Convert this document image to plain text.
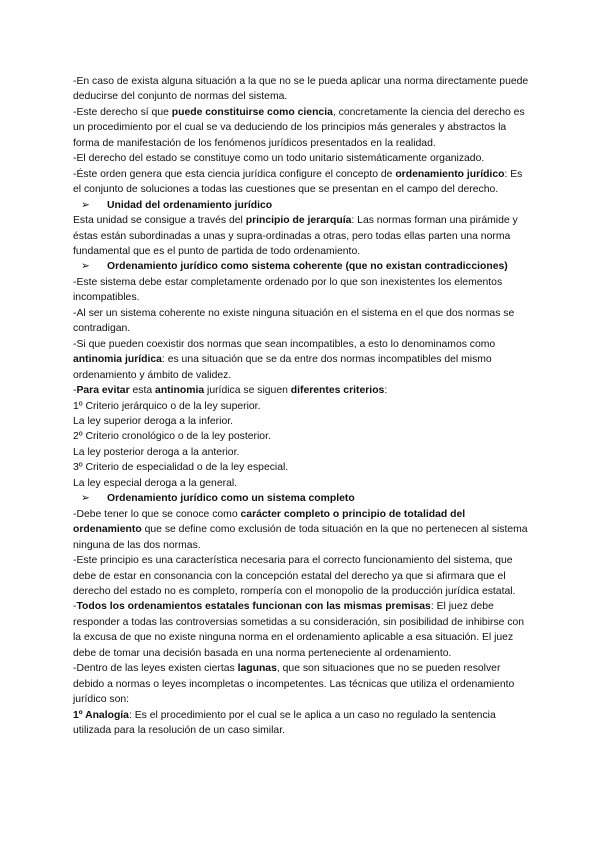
-En caso de exista alguna situación a la que no se le pueda aplicar una norma directamente puede deducirse del conjunto de normas del sistema.

-Este derecho sí que puede constituirse como ciencia, concretamente la ciencia del derecho es un procedimiento por el cual se va deduciendo de los principios más generales y abstractos la forma de manifestación de los fenómenos jurídicos presentados en la realidad.

-El derecho del estado se constituye como un todo unitario sistemáticamente organizado.

-Éste orden genera que esta ciencia jurídica configure el concepto de ordenamiento jurídico: Es el conjunto de soluciones a todas las cuestiones que se presentan en el campo del derecho.

➢ Unidad del ordenamiento jurídico

Esta unidad se consigue a través del principio de jerarquía: Las normas forman una pirámide y éstas están subordinadas a unas y supra-ordinadas a otras, pero todas ellas parten una norma fundamental que es el punto de partida de todo ordenamiento.

➢ Ordenamiento jurídico como sistema coherente (que no existan contradicciones)

-Este sistema debe estar completamente ordenado por lo que son inexistentes los elementos incompatibles.

-Al ser un sistema coherente no existe ninguna situación en el sistema en el que dos normas se contradigan.

-Si que pueden coexistir dos normas que sean incompatibles, a esto lo denominamos como antinomia jurídica: es una situación que se da entre dos normas incompatibles del mismo ordenamiento y ámbito de validez.

-Para evitar esta antinomia jurídica se siguen diferentes criterios:

1º Criterio jerárquico o de la ley superior.

La ley superior deroga a la inferior.

2º Criterio cronológico o de la ley posterior.

La ley posterior deroga a la anterior.

3º Criterio de especialidad o de la ley especial.

La ley especial deroga a la general.

➢ Ordenamiento jurídico como un sistema completo

-Debe tener lo que se conoce como carácter completo o principio de totalidad del ordenamiento que se define como exclusión de toda situación en la que no pertenecen al sistema ninguna de las dos normas.

-Este principio es una característica necesaria para el correcto funcionamiento del sistema, que debe de estar en consonancia con la concepción estatal del derecho ya que si afirmara que el derecho del estado no es completo, rompería con el monopolio de la producción jurídica estatal.

-Todos los ordenamientos estatales funcionan con las mismas premisas: El juez debe responder a todas las controversias sometidas a su consideración, sin posibilidad de inhibirse con la excusa de que no existe ninguna norma en el ordenamiento aplicable a esa situación. El juez debe de tomar una decisión basada en una norma perteneciente al ordenamiento.

-Dentro de las leyes existen ciertas lagunas, que son situaciones que no se pueden resolver debido a normas o leyes incompletas o incompetentes. Las técnicas que utiliza el ordenamiento jurídico son:

1º Analogía: Es el procedimiento por el cual se le aplica a un caso no regulado la sentencia utilizada para la resolución de un caso similar.
